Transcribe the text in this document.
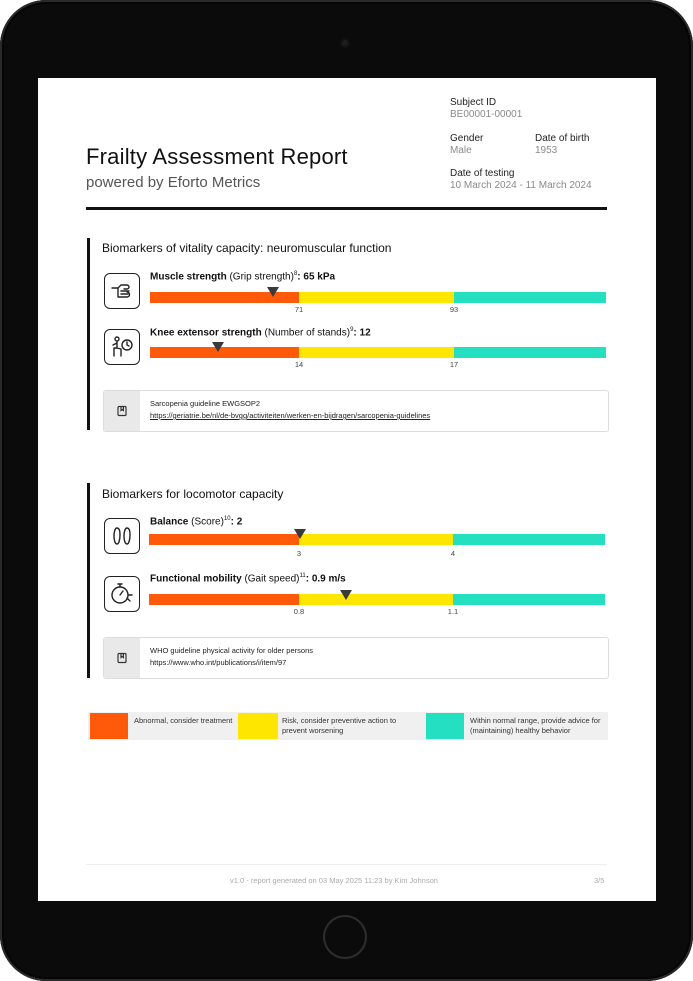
Frailty Assessment Report
powered by Eforto Metrics
Subject ID
BE00001-00001
Gender
Male
Date of birth
1953
Date of testing
10 March 2024 - 11 March 2024
Biomarkers of vitality capacity: neuromuscular function
Muscle strength (Grip strength)$^8$: 65 kPa
71	93
Knee extensor strength (Number of stands)$^9$: 12
14	17
Sarcopenia guideline EWGSOP2
https://geriatrie.be/nl/de-bvgg/activiteiten/werken-en-bijdragen/sarcopenia-guidelines
Biomarkers for locomotor capacity
Balance (Score)$^{10}$: 2
3	4
Functional mobility (Gait speed)$^{11}$: 0.9 m/s
0.8	1.1
WHO guideline physical activity for older persons
https://www.who.int/publications/i/item/97
Abnormal, consider treatment	Risk, consider preventive action to prevent worsening
Within normal range, provide advice for (maintaining) healthy behavior
v1.0 - report generated on 03 May 2025 11:23 by Kim Johnson	3/5
